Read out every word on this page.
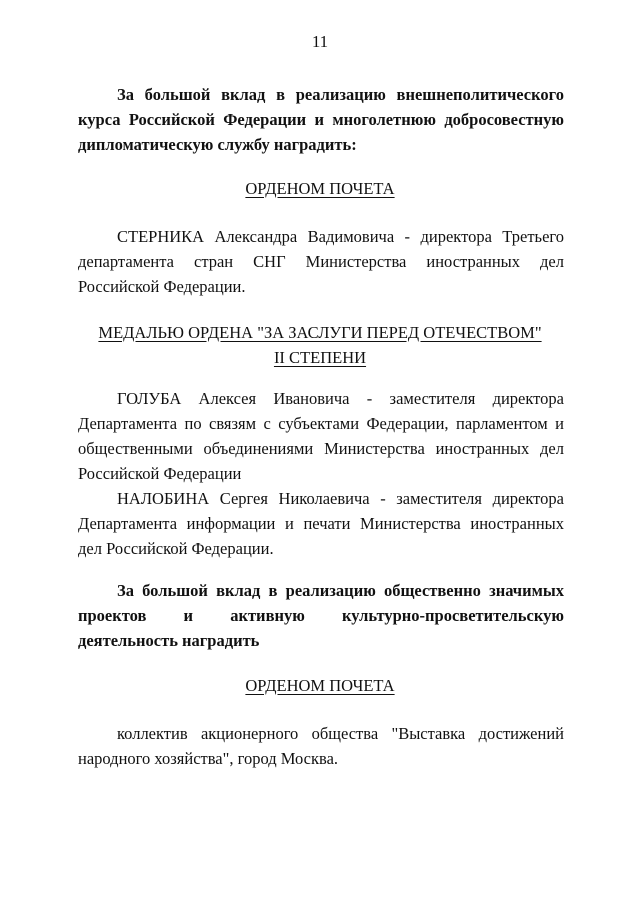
11
За большой вклад в реализацию внешнеполитического курса Российской Федерации и многолетнюю добросовестную дипломатическую службу наградить:
ОРДЕНОМ ПОЧЕТА
СТЕРНИКА Александра Вадимовича - директора Третьего департамента стран СНГ Министерства иностранных дел Российской Федерации.
МЕДАЛЬЮ ОРДЕНА "ЗА ЗАСЛУГИ ПЕРЕД ОТЕЧЕСТВОМ"
II СТЕПЕНИ

ГОЛУБА Алексея Ивановича - заместителя директора Департамента по связям с субъектами Федерации, парламентом и общественными объединениями Министерства иностранных дел Российской Федерации

НАЛОБИНА Сергея Николаевича - заместителя директора Департамента информации и печати Министерства иностранных дел Российской Федерации.

За большой вклад в реализацию общественно значимых проектов и активную культурно-просветительскую деятельность наградить
ОРДЕНОМ ПОЧЕТА
коллектив акционерного общества "Выставка достижений народного хозяйства", город Москва.
